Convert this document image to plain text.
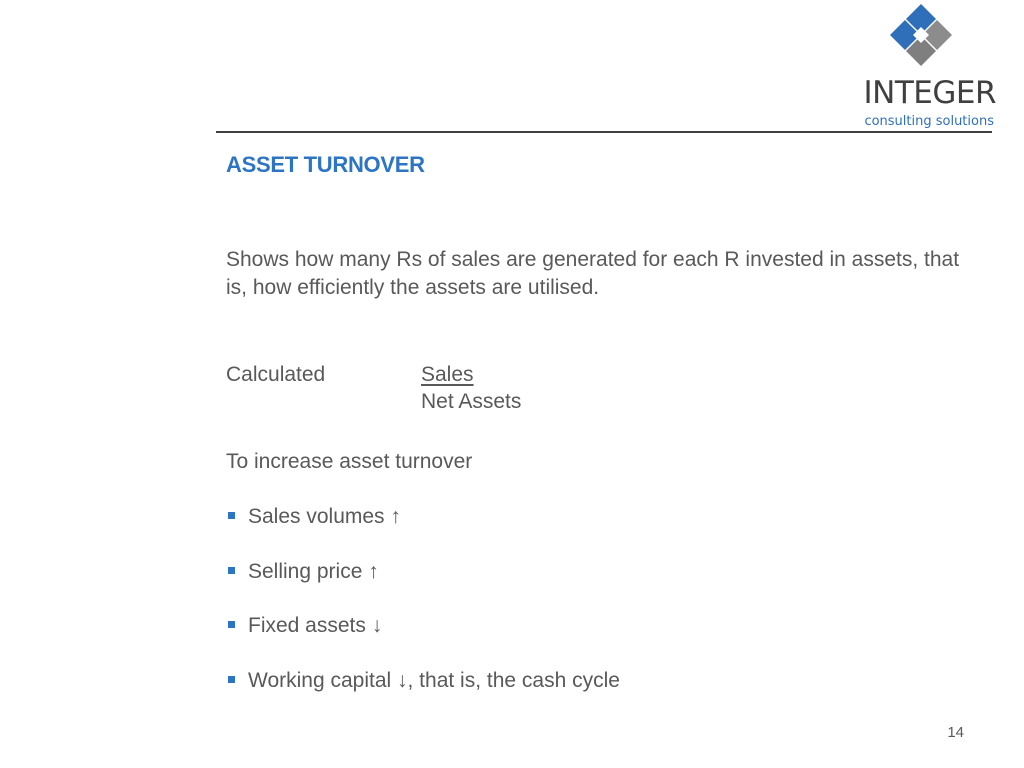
INTEGER
consulting solutions
ASSET TURNOVER
Shows how many Rs of sales are generated for each R invested in assets, that is, how efficiently the assets are utilised.
Calculated	Sales
Net Assets
To increase asset turnover
Sales volumes ↑
Selling price ↑
Fixed assets ↓
Working capital ↓, that is, the cash cycle
14
